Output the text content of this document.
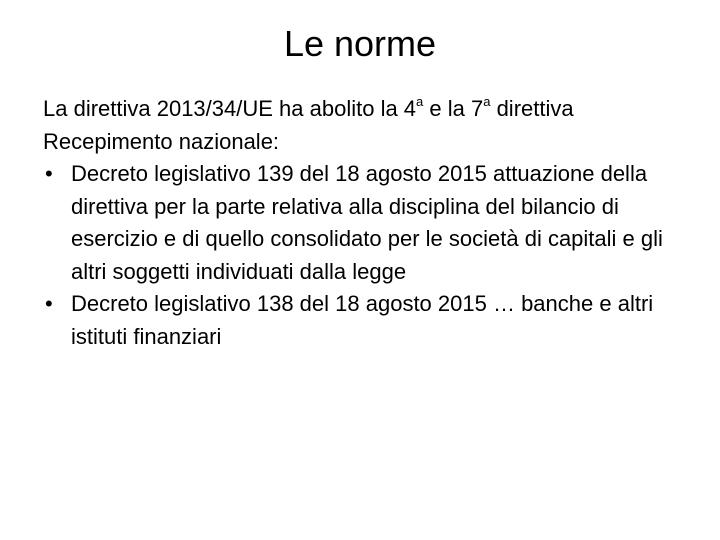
Le norme

La direttiva 2013/34/UE ha abolito la 4$^a$ e la 7$^a$ direttiva

Recepimento nazionale:

• Decreto legislativo 139 del 18 agosto 2015 attuazione della direttiva per la parte relativa alla disciplina del bilancio di esercizio e di quello consolidato per le società di capitali e gli altri soggetti individuati dalla legge
• Decreto legislativo 138 del 18 agosto 2015 … banche e altri istituti finanziari
